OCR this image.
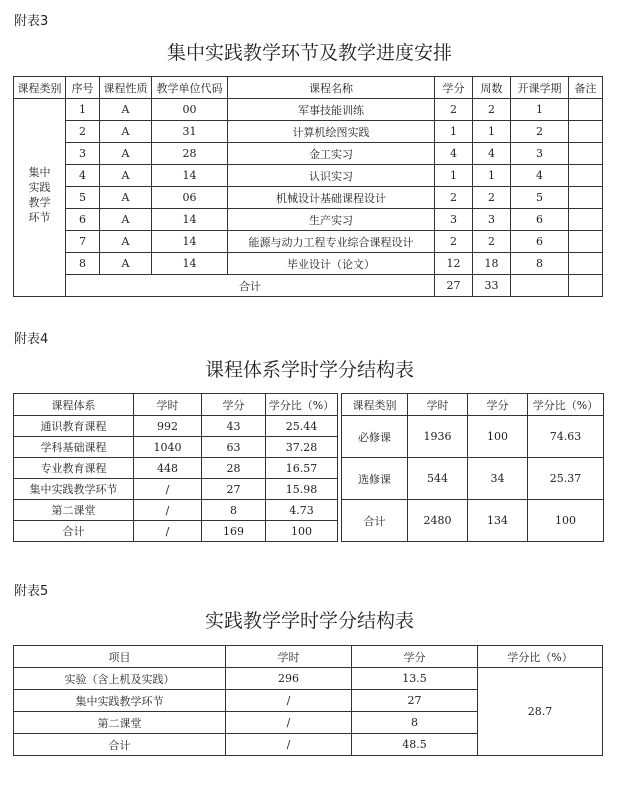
附表3
集中实践教学环节及教学进度安排
课程类别	序号	课程性质	教学单位代码	课程名称	学分	周数	开课学期	备注

集中实践教学环节	1	A	00	军事技能训练	2	2	1	
	2	A	31	计算机绘图实践	1	1	2	
	3	A	28	金工实习	4	4	3	
	4	A	14	认识实习	1	1	4	
	5	A	06	机械设计基础课程设计	2	2	5	
	6	A	14	生产实习	3	3	6	
	7	A	14	能源与动力工程专业综合课程设计	2	2	6	
	8	A	14	毕业设计（论文）	12	18	8	
	合计				27	33		
附表4
课程体系学时学分结构表
课程体系	学时	学分	学分比（%）		课程类别	学时	学分	学分比（%）
通识教育课程	992	43	25.44		必修课	1936	100	74.63
学科基础课程	1040	63	37.28					
专业教育课程	448	28	16.57		选修课	544	34	25.37
集中实践教学环节	/	27	15.98					
第二课堂	/	8	4.73		合计	2480	134	100
合计	/	169	100					
附表5
实践教学学时学分结构表
项目	学时	学分	学分比（%）
实验（含上机及实践）	296	13.5	28.7
集中实践教学环节	/	27	
第二课堂	/	8	
合计	/	48.5	
